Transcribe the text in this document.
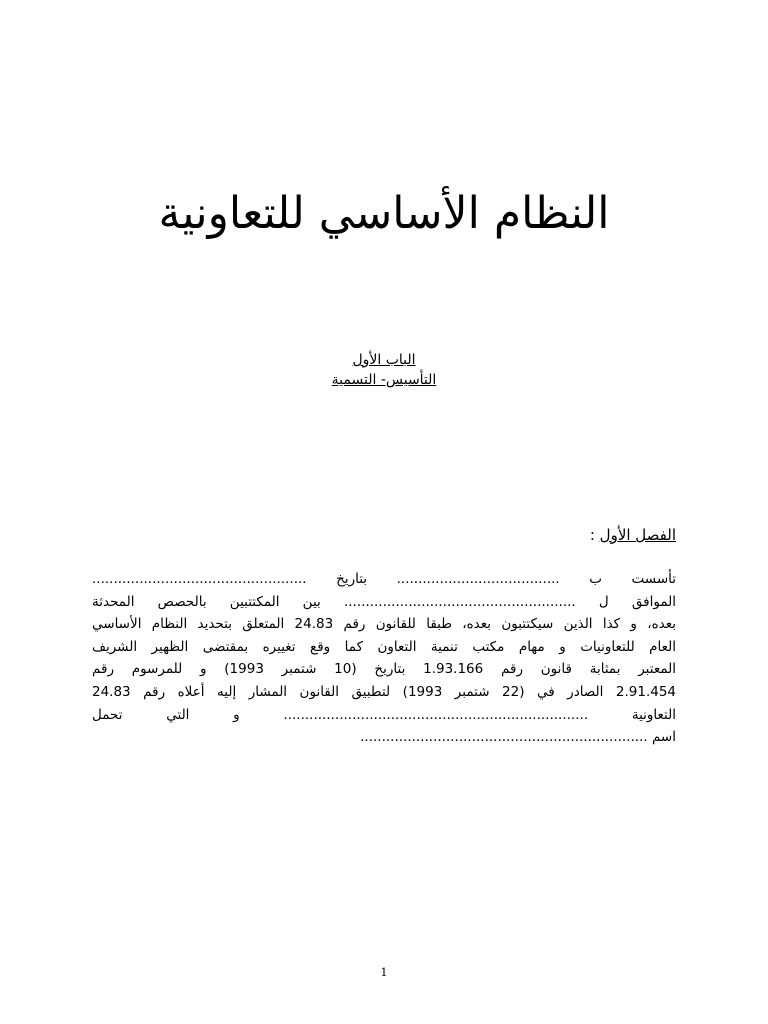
النظام الأساسي للتعاونية
الباب الأول
التأسيس- التسمية
الفصل الأول :
تأسست ب ...................................... بتاريخ ..................................................
الموافق ل ...................................................... بين المكتتبين بالحصص المحدثة
بعده، و كذا الذين سيكتتبون بعده، طبقا للقانون رقم 24.83 المتعلق بتحديد النظام الأساسي
العام للتعاونيات و مهام مكتب تنمية التعاون كما وقع تغييره بمقتضى الظهير الشريف
المعتبر بمثابة قانون رقم 1.93.166 بتاريخ (10 شتمبر 1993) و للمرسوم رقم
2.91.454 الصادر في (22 شتمبر 1993) لتطبيق القانون المشار إليه أعلاه رقم 24.83
التعاونية ....................................................................... و التي تحمل
اسم ...................................................................
1
